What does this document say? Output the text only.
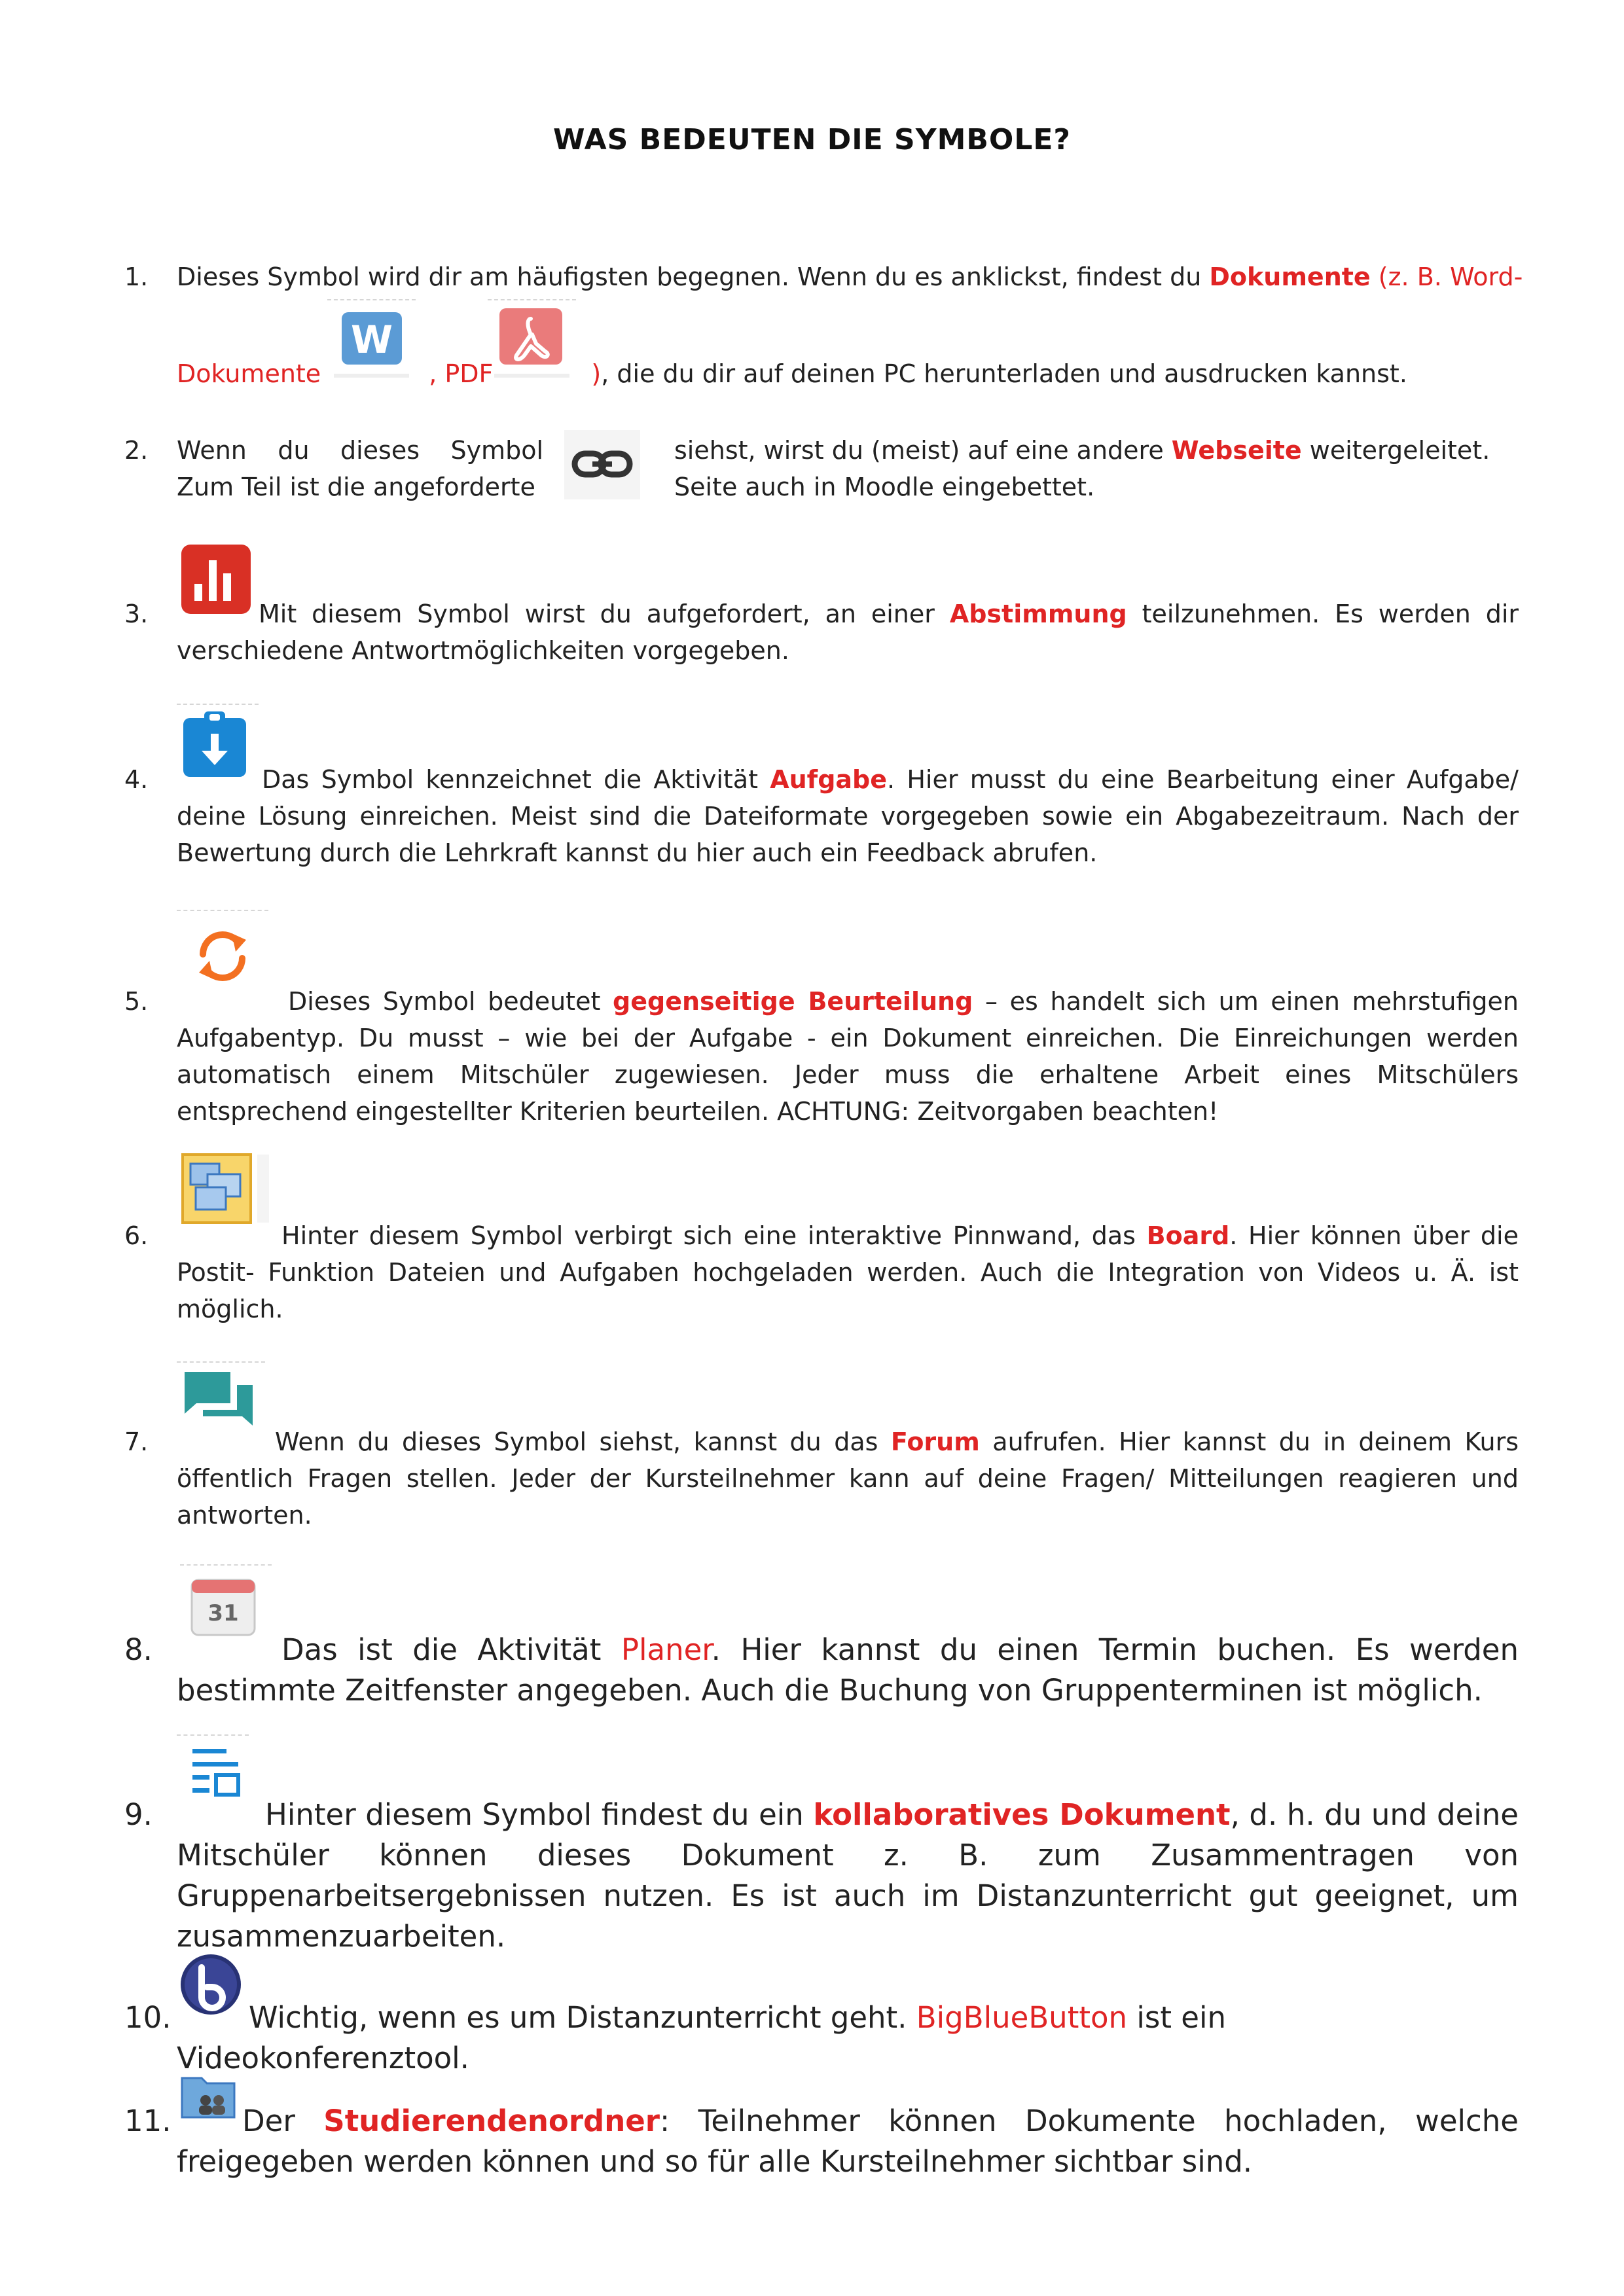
WAS BEDEUTEN DIE SYMBOLE?
1.	Dieses Symbol wird dir am häufigsten begegnen. Wenn du es anklickst, findest du Dokumente (z. B. Word-
Dokumente	, PDF	), die du dir auf deinen PC herunterladen und ausdrucken kannst.
W
2.	Wenn du dieses Symbol
Zum Teil ist die angeforderte
siehst, wirst du (meist) auf eine andere Webseite weitergeleitet.
Seite auch in Moodle eingebettet.
3.	Mit diesem Symbol wirst du aufgefordert, an einer Abstimmung teilzunehmen. Es werden dir verschiedene Antwortmöglichkeiten vorgegeben.
4.	Das Symbol kennzeichnet die Aktivität Aufgabe. Hier musst du eine Bearbeitung einer Aufgabe/ deine Lösung einreichen. Meist sind die Dateiformate vorgegeben sowie ein Abgabezeitraum. Nach der Bewertung durch die Lehrkraft kannst du hier auch ein Feedback abrufen.
5.	Dieses Symbol bedeutet gegenseitige Beurteilung – es handelt sich um einen mehrstufigen Aufgabentyp. Du musst – wie bei der Aufgabe - ein Dokument einreichen. Die Einreichungen werden automatisch einem Mitschüler zugewiesen. Jeder muss die erhaltene Arbeit eines Mitschülers entsprechend eingestellter Kriterien beurteilen. ACHTUNG: Zeitvorgaben beachten!
6.	Hinter diesem Symbol verbirgt sich eine interaktive Pinnwand, das Board. Hier können über die Postit- Funktion Dateien und Aufgaben hochgeladen werden. Auch die Integration von Videos u. Ä. ist möglich.
7.	Wenn du dieses Symbol siehst, kannst du das Forum aufrufen. Hier kannst du in deinem Kurs öffentlich Fragen stellen. Jeder der Kursteilnehmer kann auf deine Fragen/ Mitteilungen reagieren und antworten.
31
8.	Das ist die Aktivität Planer. Hier kannst du einen Termin buchen. Es werden bestimmte Zeitfenster angegeben. Auch die Buchung von Gruppenterminen ist möglich.
9.	Hinter diesem Symbol findest du ein kollaboratives Dokument, d. h. du und deine Mitschüler können dieses Dokument z. B. zum Zusammentragen von Gruppenarbeitsergebnissen nutzen. Es ist auch im Distanzunterricht gut geeignet, um zusammenzuarbeiten.
10.	Wichtig, wenn es um Distanzunterricht geht. BigBlueButton ist ein Videokonferenztool.
11.	Der Studierendenordner: Teilnehmer können Dokumente hochladen, welche freigegeben werden können und so für alle Kursteilnehmer sichtbar sind.
